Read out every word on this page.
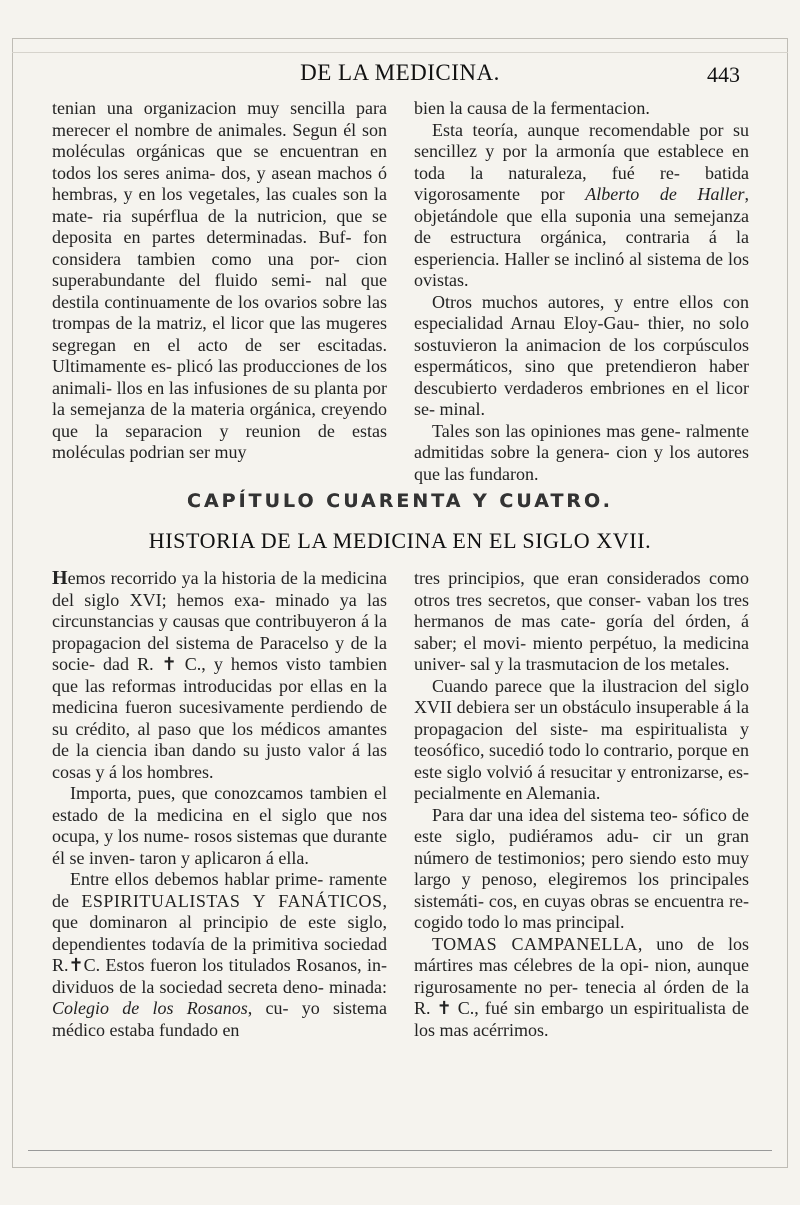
DE LA MEDICINA.	443

tenian una organizacion muy sencilla para merecer el nombre de animales. Segun él son moléculas orgánicas que se encuentran en todos los seres anima- dos, y asean machos ó hembras, y en los vegetales, las cuales son la mate- ria supérflua de la nutricion, que se deposita en partes determinadas. Buf- fon considera tambien como una por- cion superabundante del fluido semi- nal que destila continuamente de los ovarios sobre las trompas de la matriz, el licor que las mugeres segregan en el acto de ser escitadas. Ultimamente es- plicó las producciones de los animali- llos en las infusiones de su planta por la semejanza de la materia orgánica, creyendo que la separacion y reunion de estas moléculas podrian ser muy

bien la causa de la fermentacion.

Esta teoría, aunque recomendable por su sencillez y por la armonía que establece en toda la naturaleza, fué re- batida vigorosamente por Alberto de Haller, objetándole que ella suponia una semejanza de estructura orgánica, contraria á la esperiencia. Haller se inclinó al sistema de los ovistas.

Otros muchos autores, y entre ellos con especialidad Arnau Eloy-Gau- thier, no solo sostuvieron la animacion de los corpúsculos espermáticos, sino que pretendieron haber descubierto verdaderos embriones en el licor se- minal.

Tales son las opiniones mas gene- ralmente admitidas sobre la genera- cion y los autores que las fundaron.

CAPÍTULO CUARENTA Y CUATRO.
HISTORIA DE LA MEDICINA EN EL SIGLO XVII.

Hemos recorrido ya la historia de la medicina del siglo XVI; hemos exa- minado ya las circunstancias y causas que contribuyeron á la propagacion del sistema de Paracelso y de la socie- dad R. ✝ C., y hemos visto tambien que las reformas introducidas por ellas en la medicina fueron sucesivamente perdiendo de su crédito, al paso que los médicos amantes de la ciencia iban dando su justo valor á las cosas y á los hombres.

Importa, pues, que conozcamos tambien el estado de la medicina en el siglo que nos ocupa, y los nume- rosos sistemas que durante él se inven- taron y aplicaron á ella.

Entre ellos debemos hablar prime- ramente de ESPIRITUALISTAS Y FANÁTICOS, que dominaron al principio de este siglo, dependientes todavía de la primitiva sociedad R.✝C. Estos fueron los titulados Rosanos, in- dividuos de la sociedad secreta deno- minada: Colegio de los Rosanos, cu- yo sistema médico estaba fundado en

tres principios, que eran considerados como otros tres secretos, que conser- vaban los tres hermanos de mas cate- goría del órden, á saber; el movi- miento perpétuo, la medicina univer- sal y la trasmutacion de los metales.

Cuando parece que la ilustracion del siglo XVII debiera ser un obstáculo insuperable á la propagacion del siste- ma espiritualista y teosófico, sucedió todo lo contrario, porque en este siglo volvió á resucitar y entronizarse, es- pecialmente en Alemania.

Para dar una idea del sistema teo- sófico de este siglo, pudiéramos adu- cir un gran número de testimonios; pero siendo esto muy largo y penoso, elegiremos los principales sistemáti- cos, en cuyas obras se encuentra re- cogido todo lo mas principal.

TOMAS CAMPANELLA, uno de los mártires mas célebres de la opi- nion, aunque rigurosamente no per- tenecia al órden de la R. ✝ C., fué sin embargo un espiritualista de los mas acérrimos.
